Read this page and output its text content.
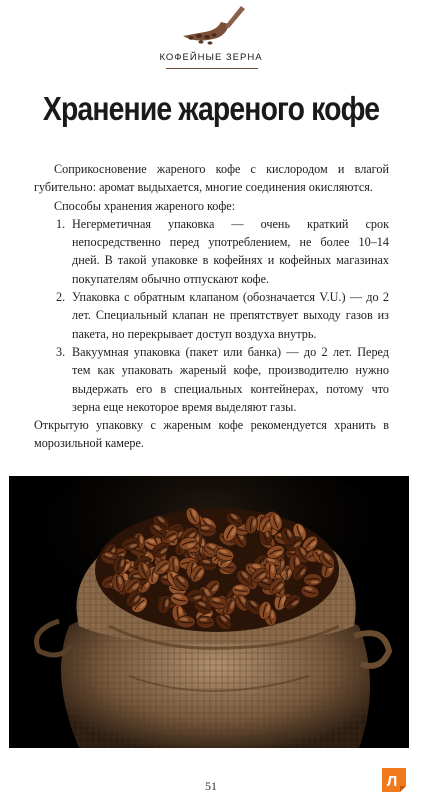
КОФЕЙНЫЕ ЗЕРНА
Хранение жареного кофе

Соприкосновение жареного кофе с кислородом и влагой губительно: аромат выдыхается, многие соединения окисляются.

Способы хранения жареного кофе:

1. Негерметичная упаковка — очень краткий срок непосредственно перед употреблением, не более 10–14 дней. В такой упаковке в кофейнях и кофейных магазинах покупателям обычно отпускают кофе.
2. Упаковка с обратным клапаном (обозначается V.U.) — до 2 лет. Специальный клапан не препятствует выходу газов из пакета, но перекрывает доступ воздуха внутрь.
3. Вакуумная упаковка (пакет или банка) — до 2 лет. Перед тем как упаковать жареный кофе, производителю нужно выдержать его в специальных контейнерах, потому что зерна еще некоторое время выделяют газы.

Открытую упаковку с жареным кофе рекомендуется хранить в морозильной камере.

51	Л
